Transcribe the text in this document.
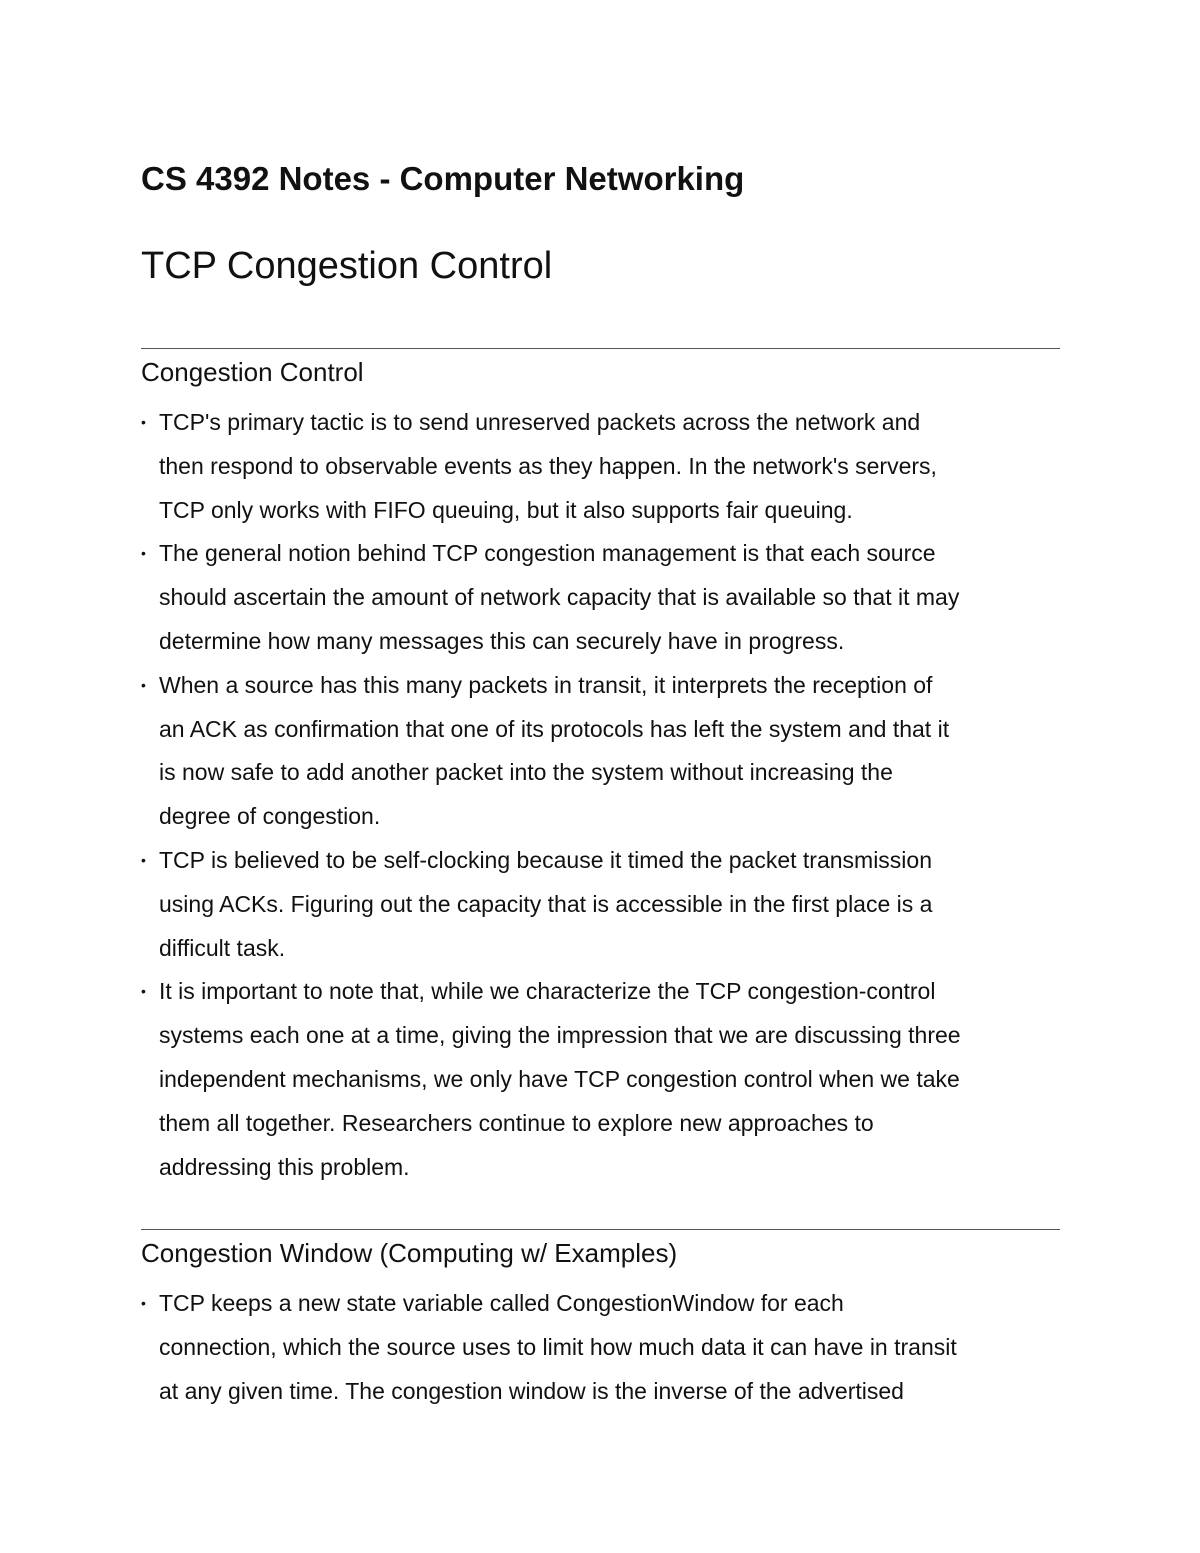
CS 4392 Notes - Computer Networking
TCP Congestion Control
Congestion Control
• TCP's primary tactic is to send unreserved packets across the network and
then respond to observable events as they happen. In the network's servers,
TCP only works with FIFO queuing, but it also supports fair queuing.
• The general notion behind TCP congestion management is that each source
should ascertain the amount of network capacity that is available so that it may
determine how many messages this can securely have in progress.
• When a source has this many packets in transit, it interprets the reception of
an ACK as confirmation that one of its protocols has left the system and that it
is now safe to add another packet into the system without increasing the
degree of congestion.
• TCP is believed to be self-clocking because it timed the packet transmission
using ACKs. Figuring out the capacity that is accessible in the first place is a
difficult task.
• It is important to note that, while we characterize the TCP congestion-control
systems each one at a time, giving the impression that we are discussing three
independent mechanisms, we only have TCP congestion control when we take
them all together. Researchers continue to explore new approaches to
addressing this problem.
Congestion Window (Computing w/ Examples)
• TCP keeps a new state variable called CongestionWindow for each
connection, which the source uses to limit how much data it can have in transit
at any given time. The congestion window is the inverse of the advertised
